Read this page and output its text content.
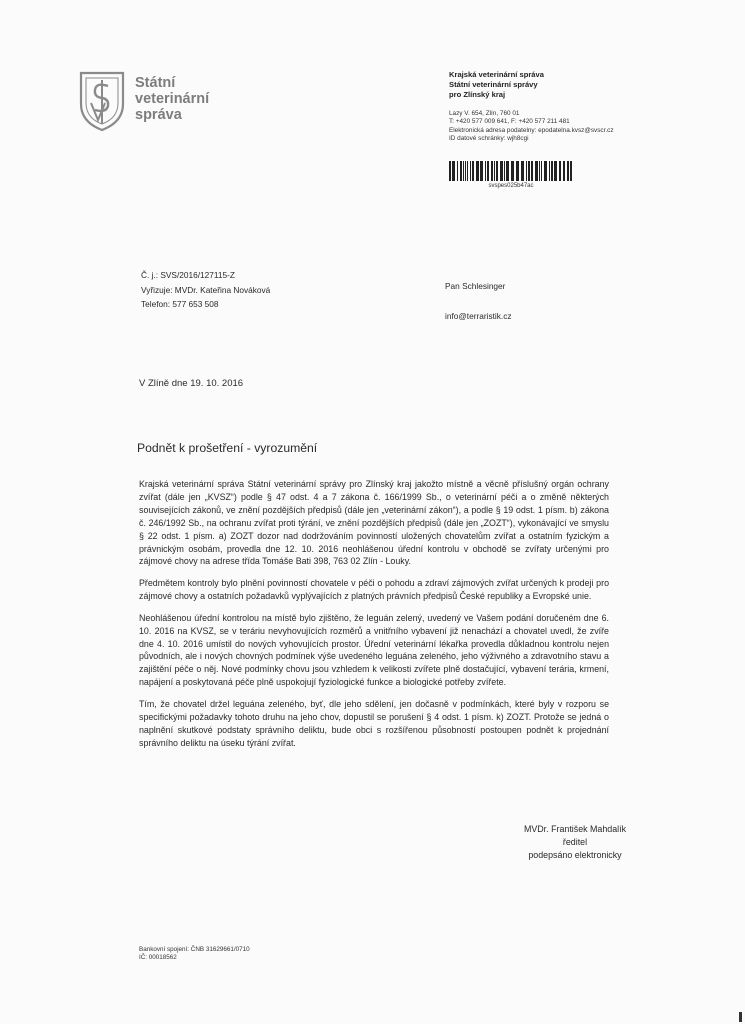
Státní
veterinární
správa
Krajská veterinární správa
Státní veterinární správy
pro Zlínský kraj
Lazy V. 654, Zlín, 760 01
T: +420 577 009 641, F: +420 577 211 481
Elektronická adresa podatelny: epodatelna.kvsz@svscr.cz
ID datové schránky: wjh8cgi
svspes025b47ac
Č. j.: SVS/2016/127115-Z
Vyřizuje: MVDr. Kateřina Nováková
Telefon: 577 653 508
Pan Schlesinger
info@terraristik.cz
V Zlíně dne 19. 10. 2016
Podnět k prošetření - vyrozumění

Krajská veterinární správa Státní veterinární správy pro Zlínský kraj jakožto místně a věcně příslušný orgán ochrany zvířat (dále jen „KVSZ“) podle § 47 odst. 4 a 7 zákona č. 166/1999 Sb., o veterinární péči a o změně některých souvisejících zákonů, ve znění pozdějších předpisů (dále jen „veterinární zákon“), a podle § 19 odst. 1 písm. b) zákona č. 246/1992 Sb., na ochranu zvířat proti týrání, ve znění pozdějších předpisů (dále jen „ZOZT“), vykonávající ve smyslu § 22 odst. 1 písm. a) ZOZT dozor nad dodržováním povinností uložených chovatelům zvířat a ostatním fyzickým a právnickým osobám, provedla dne 12. 10. 2016 neohlášenou úřední kontrolu v obchodě se zvířaty určenými pro zájmové chovy na adrese třída Tomáše Bati 398, 763 02 Zlín - Louky.

Předmětem kontroly bylo plnění povinností chovatele v péči o pohodu a zdraví zájmových zvířat určených k prodeji pro zájmové chovy a ostatních požadavků vyplývajících z platných právních předpisů České republiky a Evropské unie.

Neohlášenou úřední kontrolou na místě bylo zjištěno, že leguán zelený, uvedený ve Vašem podání doručeném dne 6. 10. 2016 na KVSZ, se v teráriu nevyhovujících rozměrů a vnitřního vybavení již nenachází a chovatel uvedl, že zvíře dne 4. 10. 2016 umístil do nových vyhovujících prostor. Úřední veterinární lékařka provedla důkladnou kontrolu nejen původních, ale i nových chovných podmínek výše uvedeného leguána zeleného, jeho výživného a zdravotního stavu a zajištění péče o něj. Nové podmínky chovu jsou vzhledem k velikosti zvířete plně dostačující, vybavení terária, krmení, napájení a poskytovaná péče plně uspokojují fyziologické funkce a biologické potřeby zvířete.

Tím, že chovatel držel leguána zeleného, byť, dle jeho sdělení, jen dočasně v podmínkách, které byly v rozporu se specifickými požadavky tohoto druhu na jeho chov, dopustil se porušení § 4 odst. 1 písm. k) ZOZT. Protože se jedná o naplnění skutkové podstaty správního deliktu, bude obci s rozšířenou působností postoupen podnět k projednání správního deliktu na úseku týrání zvířat.

MVDr. František Mahdalík
ředitel
podepsáno elektronicky
Bankovní spojení: ČNB 31629661/0710
IČ: 00018562
